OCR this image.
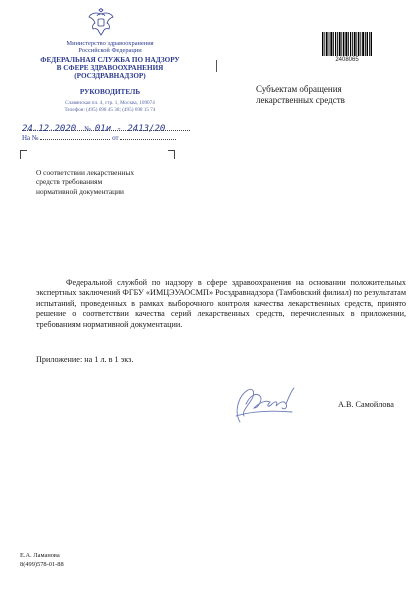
Министерство здравоохранения
Российской Федерации
ФЕДЕРАЛЬНАЯ СЛУЖБА ПО НАДЗОРУ
В СФЕРЕ ЗДРАВООХРАНЕНИЯ
(РОСЗДРАВНАДЗОР)
РУКОВОДИТЕЛЬ
Славянская пл. 4, стр. 1, Москва, 109074
Телефон: (495) 698 45 38; (495) 698 15 74
24.12.2020 № 01и - 2413/20
На №	от
2408065
Субъектам обращения
лекарственных средств
О соответствии лекарственных
средств требованиям
нормативной документации
Федеральной службой по надзору в сфере здравоохранения на основании положительных экспертных заключений ФГБУ «ИМЦЭУАОСМП» Росздравнадзора (Тамбовский филиал) по результатам испытаний, проведенных в рамках выборочного контроля качества лекарственных средств, принято решение о соответствии качества серий лекарственных средств, перечисленных в приложении, требованиям нормативной документации.
Приложение: на 1 л. в 1 экз.
А.В. Самойлова
Е.А. Ламанова
8(499)578-01-88
